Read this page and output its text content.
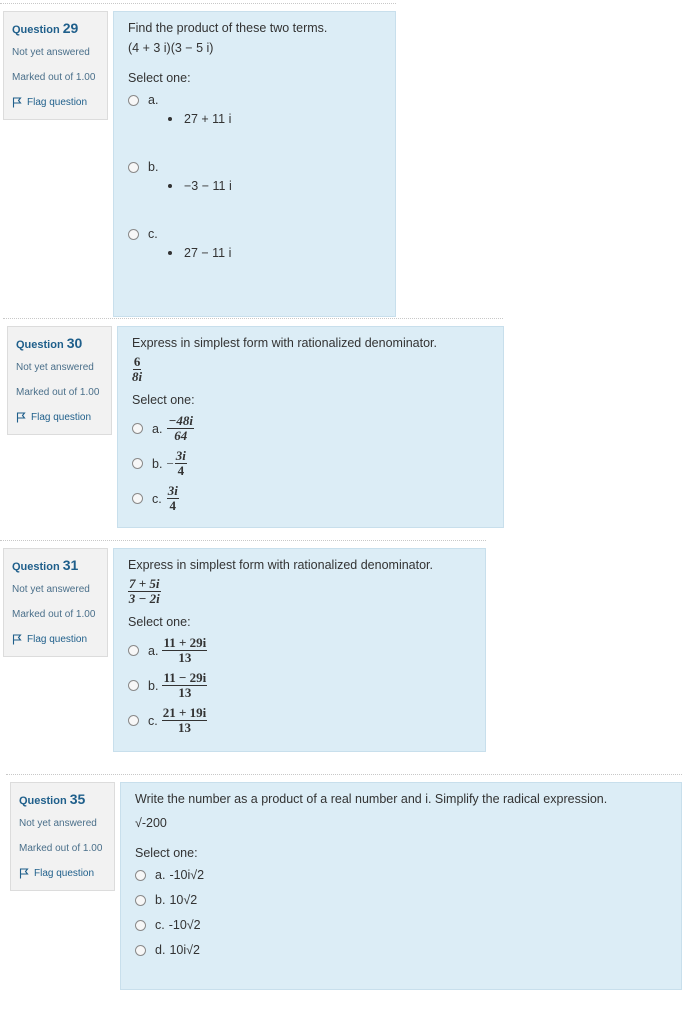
Question 29
Not yet answered
Marked out of 1.00
Flag question
Find the product of these two terms.
(4 + 3 i)(3 − 5 i)
Select one:
a.
27 + 11 i
b.
−3 − 11 i
c.
27 − 11 i
Question 30
Not yet answered
Marked out of 1.00
Flag question
Express in simplest form with rationalized denominator.
$\frac{6}{8i}$
Select one:
a. $\frac{-48i}{64}$
b. − $\frac{3i}{4}$
c. $\frac{3i}{4}$
Question 31
Not yet answered
Marked out of 1.00
Flag question
Express in simplest form with rationalized denominator.
$\frac{7 + 5i}{3 - 2i}$
Select one:
a. $\frac{11 + 29i}{13}$
b. $\frac{11 - 29i}{13}$
c. $\frac{21 + 19i}{13}$
Question 35
Not yet answered
Marked out of 1.00
Flag question
Write the number as a product of a real number and i. Simplify the radical expression.
√-200
Select one:
a. -10i√2
b. 10√2
c. -10√2
d. 10i√2
